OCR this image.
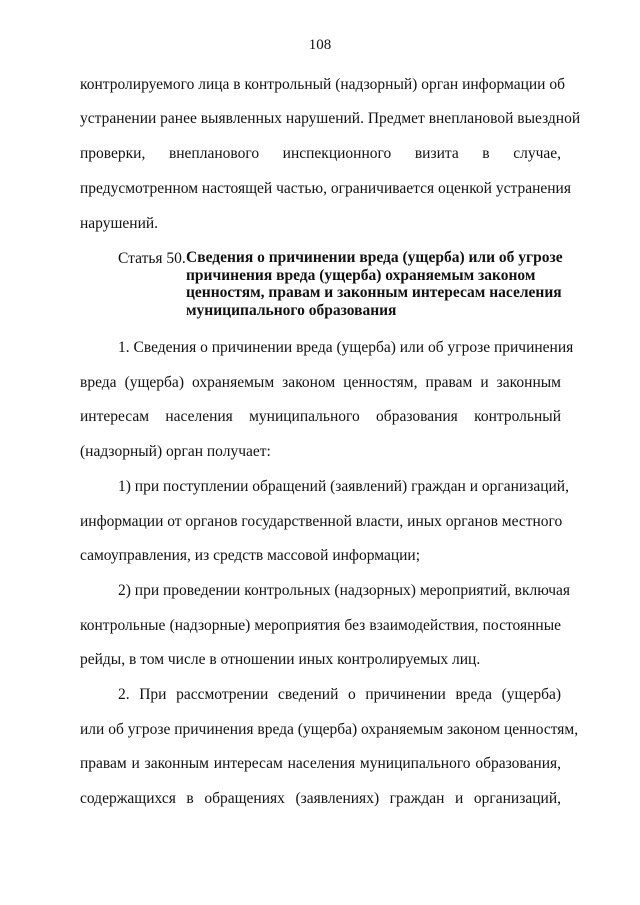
108
контролируемого лица в контрольный (надзорный) орган информации об
устранении ранее выявленных нарушений. Предмет внеплановой выездной
проверки, внепланового инспекционного визита в случае,
предусмотренном настоящей частью, ограничивается оценкой устранения
нарушений.
Статья 50. Сведения о причинении вреда (ущерба) или об угрозе
причинения вреда (ущерба) охраняемым законом
ценностям, правам и законным интересам населения
муниципального образования
1. Сведения о причинении вреда (ущерба) или об угрозе причинения
вреда (ущерба) охраняемым законом ценностям, правам и законным
интересам населения муниципального образования контрольный
(надзорный) орган получает:
1) при поступлении обращений (заявлений) граждан и организаций,
информации от органов государственной власти, иных органов местного
самоуправления, из средств массовой информации;
2) при проведении контрольных (надзорных) мероприятий, включая
контрольные (надзорные) мероприятия без взаимодействия, постоянные
рейды, в том числе в отношении иных контролируемых лиц.
2. При рассмотрении сведений о причинении вреда (ущерба)
или об угрозе причинения вреда (ущерба) охраняемым законом ценностям,
правам и законным интересам населения муниципального образования,
содержащихся в обращениях (заявлениях) граждан и организаций,
